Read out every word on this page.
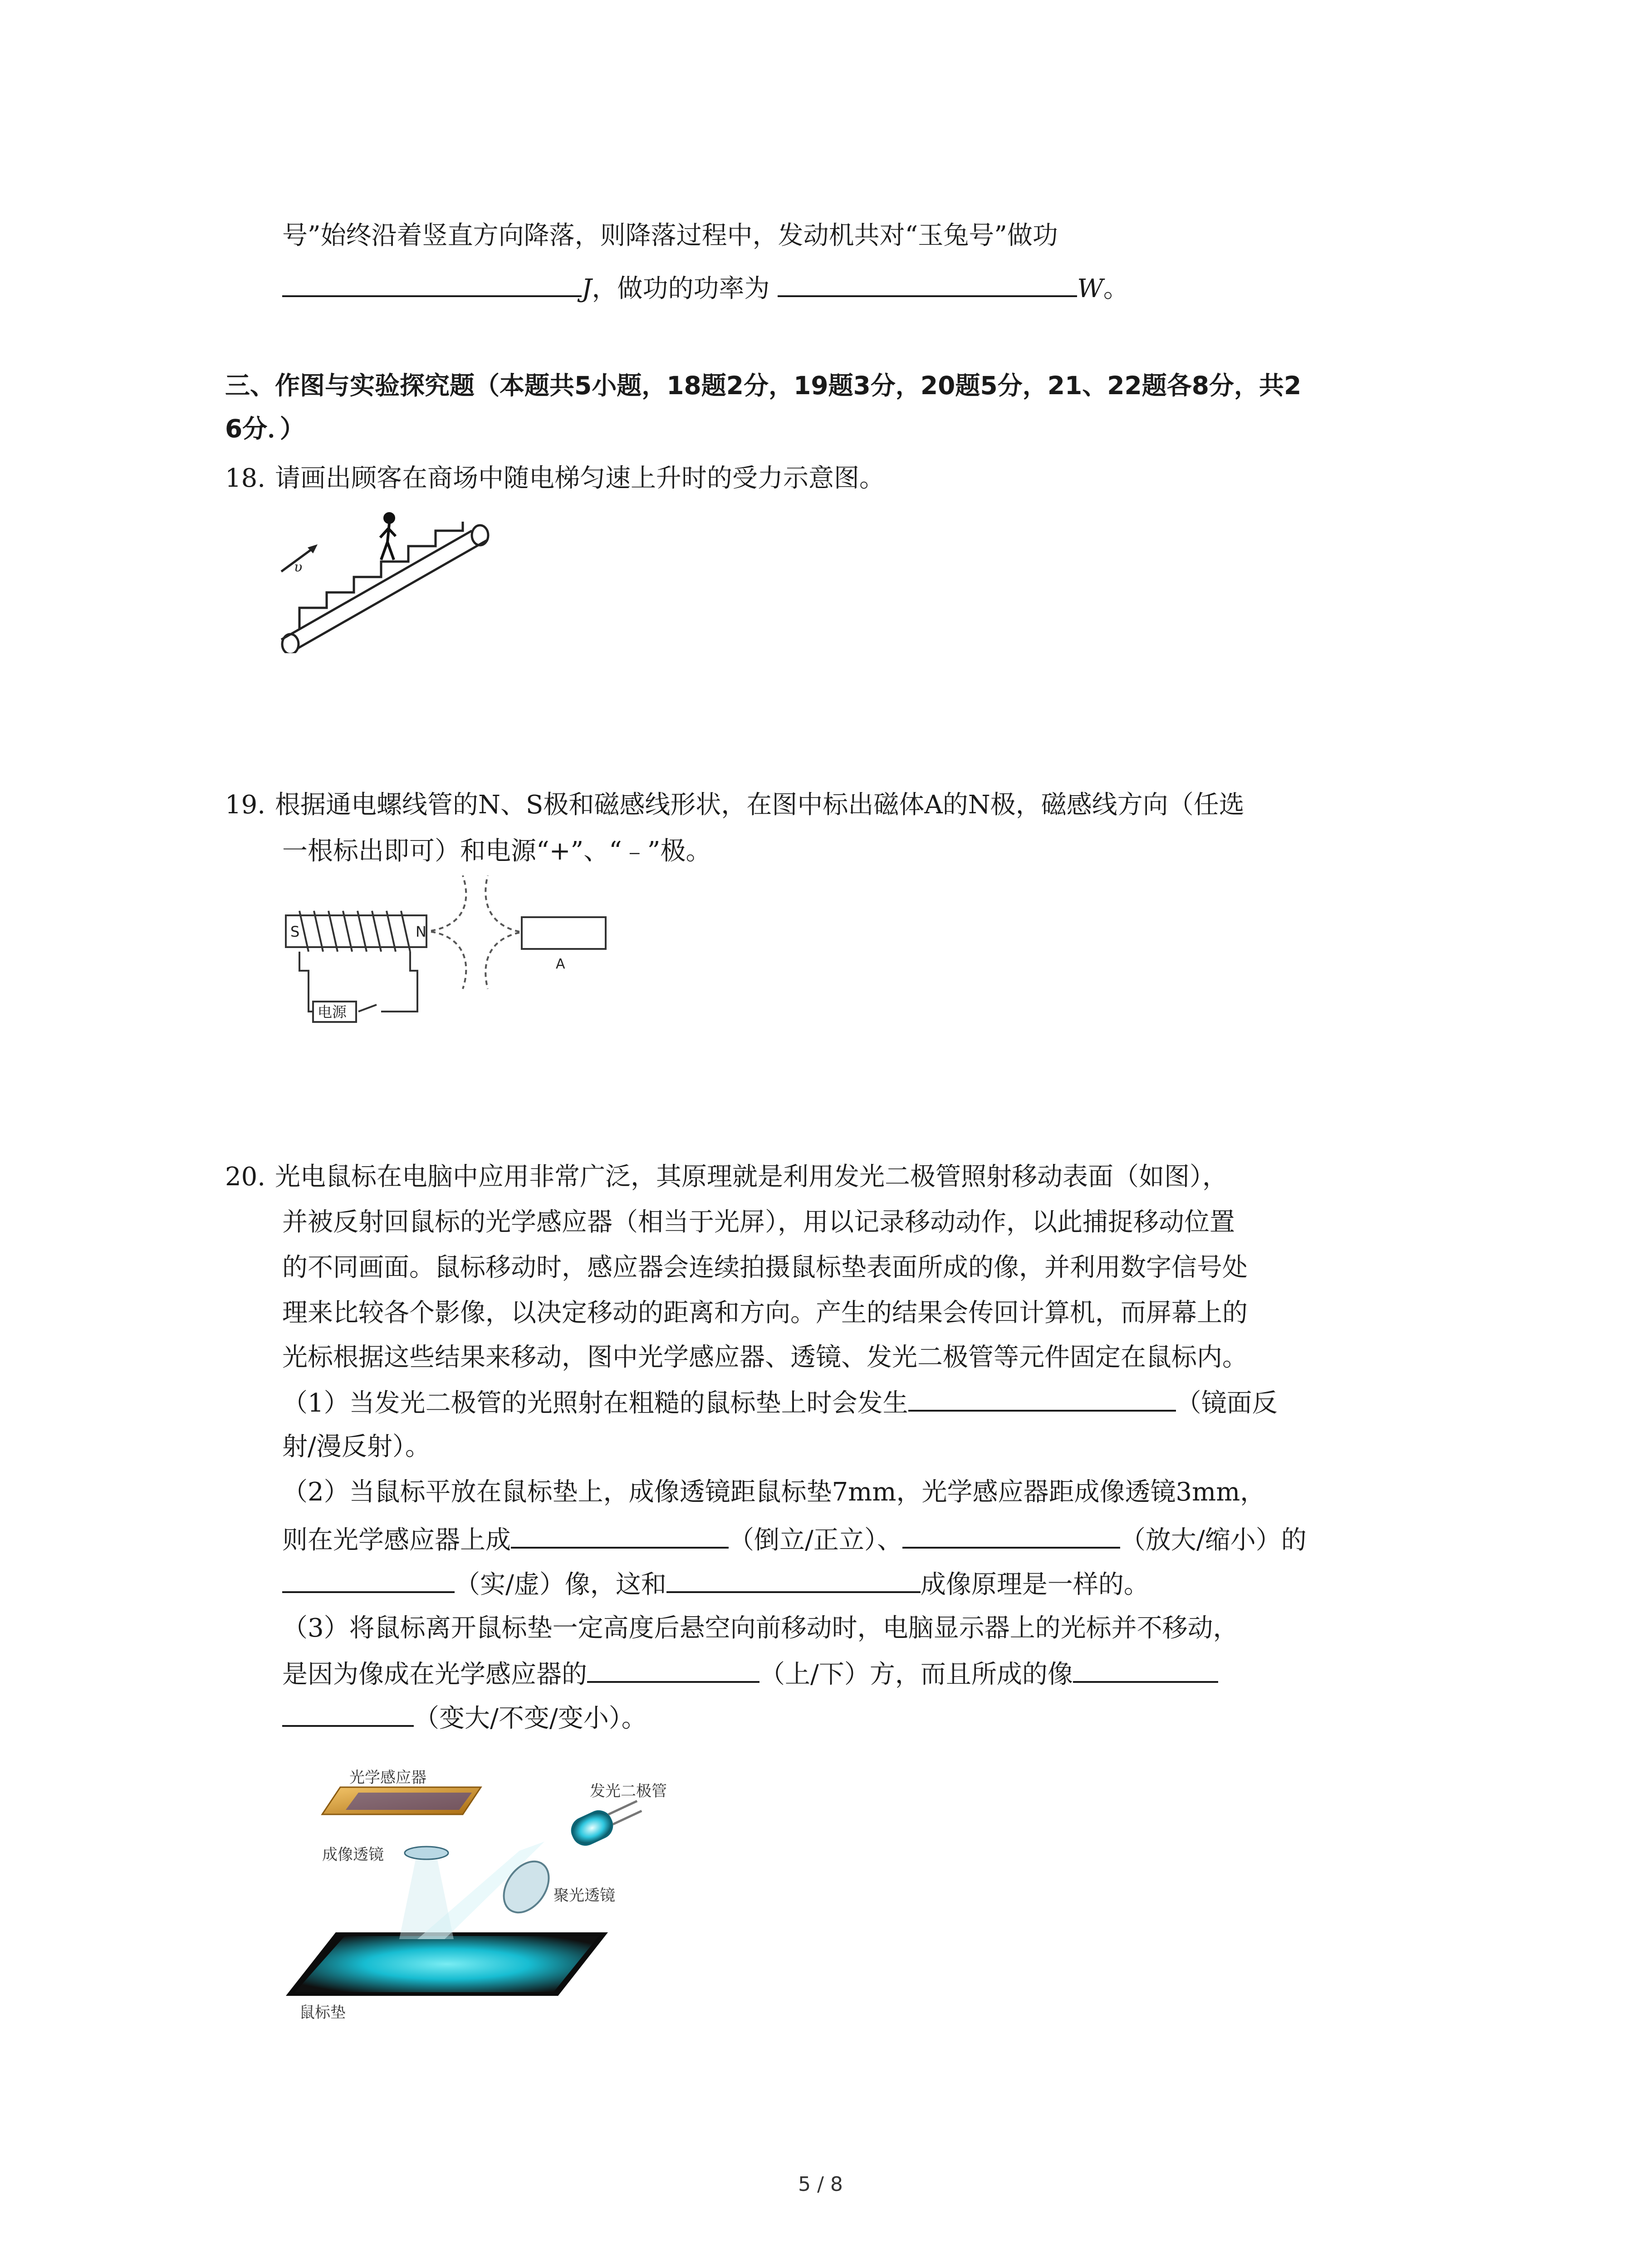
号”始终沿着竖直方向降落，则降落过程中，发动机共对“玉兔号”做功
J，做功的功率为	W。
三、作图与实验探究题（本题共5小题，18题2分，19题3分，20题5分，21、22题各8分，共2
6分．）
18. 请画出顾客在商场中随电梯匀速上升时的受力示意图。
υ
19. 根据通电螺线管的N、S极和磁感线形状，在图中标出磁体A的N极，磁感线方向（任选
一根标出即可）和电源“+”、“﹣”极。
S	N
A
电源
20. 光电鼠标在电脑中应用非常广泛，其原理就是利用发光二极管照射移动表面（如图），
并被反射回鼠标的光学感应器（相当于光屏），用以记录移动动作，以此捕捉移动位置
的不同画面。鼠标移动时，感应器会连续拍摄鼠标垫表面所成的像，并利用数字信号处
理来比较各个影像，以决定移动的距离和方向。产生的结果会传回计算机，而屏幕上的
光标根据这些结果来移动，图中光学感应器、透镜、发光二极管等元件固定在鼠标内。
（1）当发光二极管的光照射在粗糙的鼠标垫上时会发生	（镜面反
射/漫反射）。
（2）当鼠标平放在鼠标垫上，成像透镜距鼠标垫7mm，光学感应器距成像透镜3mm，
则在光学感应器上成	（倒立/正立）、	（放大/缩小）的
（实/虚）像，这和	成像原理是一样的。
（3）将鼠标离开鼠标垫一定高度后悬空向前移动时，电脑显示器上的光标并不移动，
是因为像成在光学感应器的	（上/下）方，而且所成的像
（变大/不变/变小）。
光学感应器
发光二极管
成像透镜
聚光透镜
鼠标垫
5 / 8
